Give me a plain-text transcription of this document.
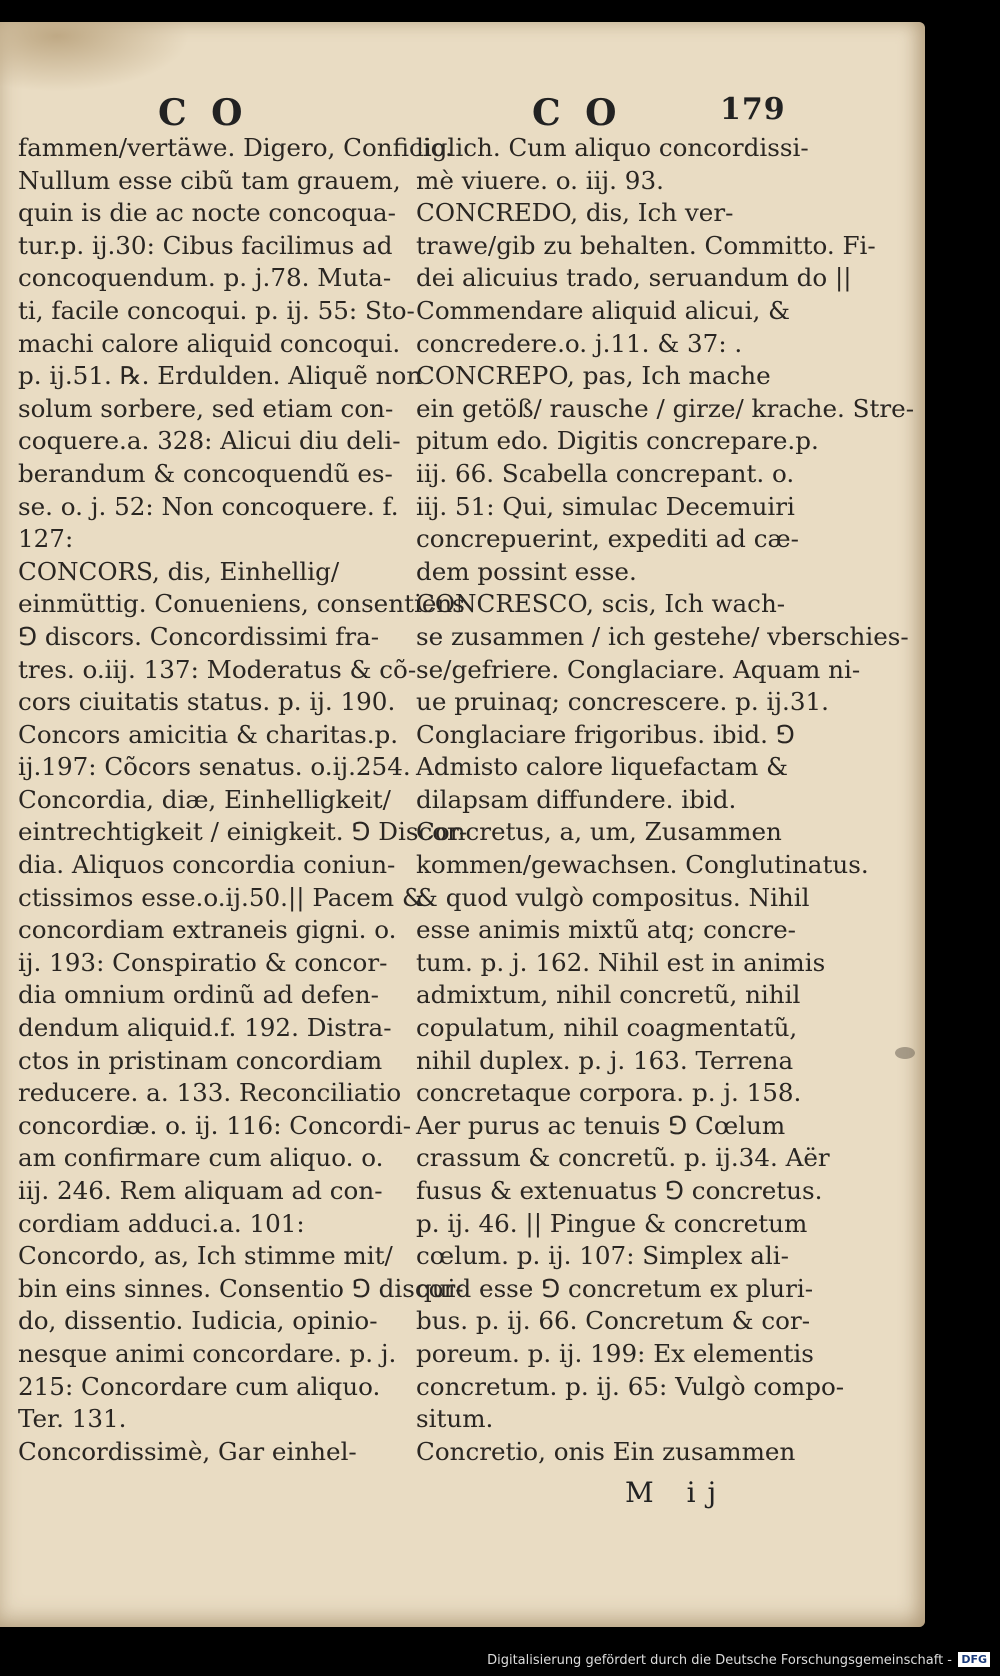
C O	C O	179
fammen/vertäwe. Digero, Conficio.
Nullum esse cibũ tam grauem,
quin is die ac nocte concoqua-
tur.p. ij.30: Cibus facilimus ad
concoquendum. p. j.78. Muta-
ti, facile concoqui. p. ij. 55: Sto-
machi calore aliquid concoqui.
p. ij.51. ℞. Erdulden. Aliquẽ non
solum sorbere, sed etiam con-
coquere.a. 328: Alicui diu deli-
berandum & concoquendũ es-
se. o. j. 52: Non concoquere. f.
127:
CONCORS, dis, Einhellig/
einmüttig. Conueniens, consentiens
⅁ discors. Concordissimi fra-
tres. o.iij. 137: Moderatus & cõ-
cors ciuitatis status. p. ij. 190.
Concors amicitia & charitas.p.
ij.197: Cõcors senatus. o.ij.254.
Concordia, diæ, Einhelligkeit/
eintrechtigkeit / einigkeit. ⅁ Discor-
dia. Aliquos concordia coniun-
ctissimos esse.o.ij.50.|| Pacem &
concordiam extraneis gigni. o.
ij. 193: Conspiratio & concor-
dia omnium ordinũ ad defen-
dendum aliquid.f. 192. Distra-
ctos in pristinam concordiam
reducere. a. 133. Reconciliatio
concordiæ. o. ij. 116: Concordi-
am confirmare cum aliquo. o.
iij. 246. Rem aliquam ad con-
cordiam adduci.a. 101:
Concordo, as, Ich stimme mit/
bin eins sinnes. Consentio ⅁ discor-
do, dissentio. Iudicia, opinio-
nesque animi concordare. p. j.
215: Concordare cum aliquo.
Ter. 131.
Concordissimè, Gar einhel-
liglich. Cum aliquo concordissi-
mè viuere. o. iij. 93.
CONCREDO, dis, Ich ver-
trawe/gib zu behalten. Committo. Fi-
dei alicuius trado, seruandum do ||
Commendare aliquid alicui, &
concredere.o. j.11. & 37: .
CONCREPO, pas, Ich mache
ein getöß/ rausche / girze/ krache. Stre-
pitum edo. Digitis concrepare.p.
iij. 66. Scabella concrepant. o.
iij. 51: Qui, simulac Decemuiri
concrepuerint, expediti ad cæ-
dem possint esse.
CONCRESCO, scis, Ich wach-
se zusammen / ich gestehe/ vberschies-
se/gefriere. Conglaciare. Aquam ni-
ue pruinaq; concrescere. p. ij.31.
Conglaciare frigoribus. ibid. ⅁
Admisto calore liquefactam &
dilapsam diffundere. ibid.
Concretus, a, um, Zusammen
kommen/gewachsen. Conglutinatus.
& quod vulgò compositus. Nihil
esse animis mixtũ atq; concre-
tum. p. j. 162. Nihil est in animis
admixtum, nihil concretũ, nihil
copulatum, nihil coagmentatũ,
nihil duplex. p. j. 163. Terrena
concretaque corpora. p. j. 158.
Aer purus ac tenuis ⅁ Cœlum
crassum & concretũ. p. ij.34. Aër
fusus & extenuatus ⅁ concretus.
p. ij. 46. || Pingue & concretum
cœlum. p. ij. 107: Simplex ali-
quid esse ⅁ concretum ex pluri-
bus. p. ij. 66. Concretum & cor-
poreum. p. ij. 199: Ex elementis
concretum. p. ij. 65: Vulgò compo-
situm.
Concretio, onis Ein zusammen
M ij
Digitalisierung gefördert durch die Deutsche Forschungsgemeinschaft - DFG
